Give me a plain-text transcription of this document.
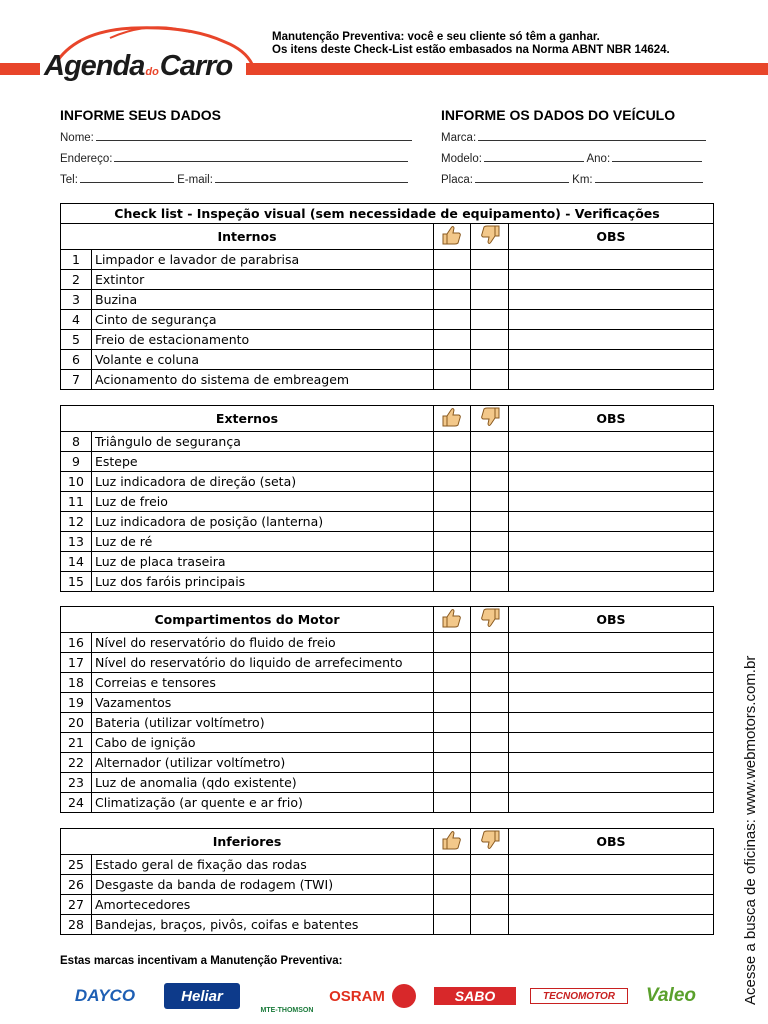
AgendadoCarro
Manutenção Preventiva: você e seu cliente só têm a ganhar.
Os itens deste Check-List estão embasados na Norma ABNT NBR 14624.
INFORME SEUS DADOS
Nome:
Endereço:
Tel:	E-mail:
INFORME OS DADOS DO VEÍCULO
Marca:
Modelo:	Ano:
Placa:	Km:
Check list - Inspeção visual (sem necessidade de equipamento) - Verificações				
Internos				OBS
1	Limpador e lavador de parabrisa			
2	Extintor			
3	Buzina			
4	Cinto de segurança			
5	Freio de estacionamento			
6	Volante e coluna			
7	Acionamento do sistema de embreagem			
Externos				OBS
8	Triângulo de segurança			
9	Estepe			
10	Luz indicadora de direção (seta)			
11	Luz de freio			
12	Luz indicadora de posição (lanterna)			
13	Luz de ré			
14	Luz de placa traseira			
15	Luz dos faróis principais			
Compartimentos do Motor				OBS
16	Nível do reservatório do fluido de freio			
17	Nível do reservatório do liquido de arrefecimento			
18	Correias e tensores			
19	Vazamentos			
20	Bateria (utilizar voltímetro)			
21	Cabo de ignição			
22	Alternador (utilizar voltímetro)			
23	Luz de anomalia (qdo existente)			
24	Climatização (ar quente e ar frio)			
Inferiores				OBS
25	Estado geral de fixação das rodas			
26	Desgaste da banda de rodagem (TWI)			
27	Amortecedores			
28	Bandejas, braços, pivôs, coifas e batentes			
Estas marcas incentivam a Manutenção Preventiva:
DAYCO	Heliar
MTE-THOMSON
OSRAM	SABO	TECNOMOTOR	Valeo	Acesse a busca de oficinas: www.webmotors.com.br
